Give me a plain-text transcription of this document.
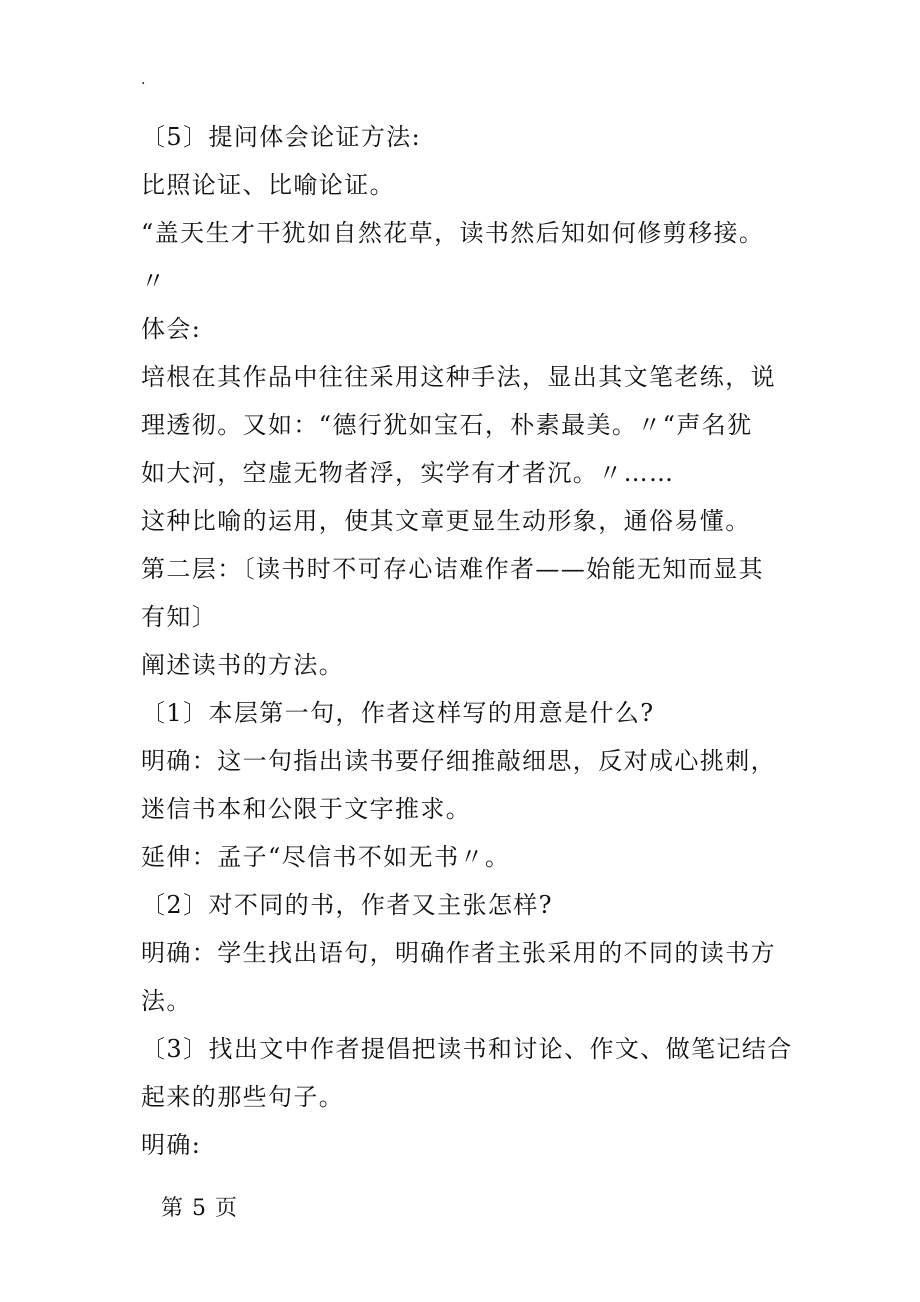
.
〔5〕提问体会论证方法:
比照论证、比喻论证。
“盖天生才干犹如自然花草，读书然后知如何修剪移接。
〃
体会:
培根在其作品中往往采用这种手法，显出其文笔老练，说
理透彻。又如：“德行犹如宝石，朴素最美。〃“声名犹
如大河，空虚无物者浮，实学有才者沉。〃……
这种比喻的运用，使其文章更显生动形象，通俗易懂。
第二层：〔读书时不可存心诘难作者——始能无知而显其
有知〕
阐述读书的方法。
〔1〕本层第一句，作者这样写的用意是什么?
明确：这一句指出读书要仔细推敲细思，反对成心挑刺，
迷信书本和公限于文字推求。
延伸：孟子“尽信书不如无书〃。
〔2〕对不同的书，作者又主张怎样?
明确：学生找出语句，明确作者主张采用的不同的读书方
法。
〔3〕找出文中作者提倡把读书和讨论、作文、做笔记结合
起来的那些句子。
明确:
第 5 页
